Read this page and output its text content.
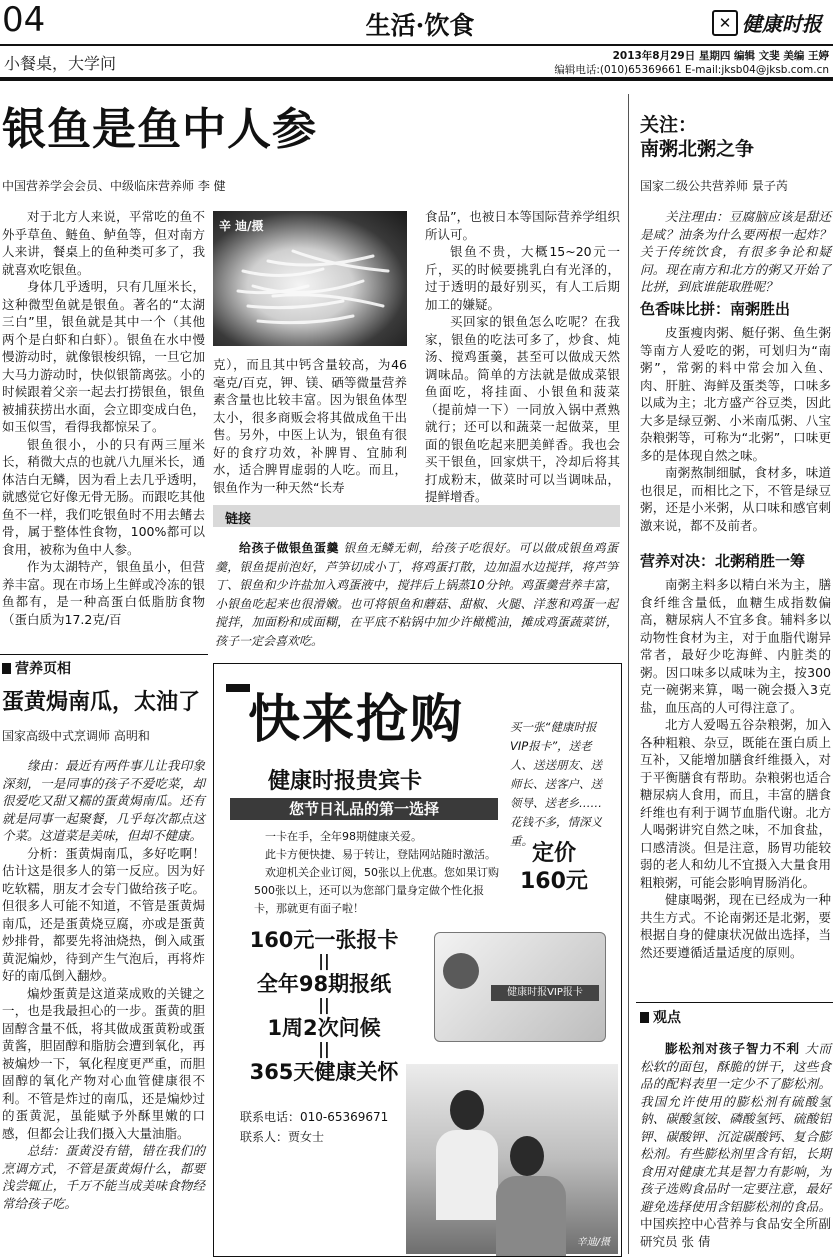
04	生活·饮食	✕ 健康时报
小餐桌，大学问	2013年8月29日 星期四 编辑 文斐 美编 王婷
编辑电话:(010)65369661 E-mail:jksb04@jksb.com.cn
银鱼是鱼中人参
中国营养学会会员、中级临床营养师 李 健

对于北方人来说，平常吃的鱼不外乎草鱼、鲢鱼、鲈鱼等，但对南方人来讲，餐桌上的鱼种类可多了，我就喜欢吃银鱼。

身体几乎透明，只有几厘米长，这种微型鱼就是银鱼。著名的“太湖三白”里，银鱼就是其中一个（其他两个是白虾和白虾）。银鱼在水中慢慢游动时，就像银梭织锦，一旦它加大马力游动时，快似银箭离弦。小的时候跟着父亲一起去打捞银鱼，银鱼被捕获捞出水面，会立即变成白色，如玉似雪，看得我都惊呆了。

银鱼很小，小的只有两三厘米长，稍微大点的也就八九厘米长，通体洁白无鳞，因为看上去几乎透明，就感觉它好像无骨无肠。而跟吃其他鱼不一样，我们吃银鱼时不用去鳍去骨，属于整体性食物，100%都可以食用，被称为鱼中人参。

作为太湖特产，银鱼虽小，但营养丰富。现在市场上生鲜或冷冻的银鱼都有，是一种高蛋白低脂肪食物（蛋白质为17.2克/百

辛 迪/摄

克），而且其中钙含量较高，为46毫克/百克，钾、镁、硒等微量营养素含量也比较丰富。因为银鱼体型太小，很多商贩会将其做成鱼干出售。另外，中医上认为，银鱼有很好的食疗功效，补脾胃、宜肺利水，适合脾胃虚弱的人吃。而且，银鱼作为一种天然“长寿

食品”，也被日本等国际营养学组织所认可。

银鱼不贵，大概15~20元一斤，买的时候要挑乳白有光泽的，过于透明的最好别买，有人工后期加工的嫌疑。

买回家的银鱼怎么吃呢？在我家，银鱼的吃法可多了，炒食、炖汤、搅鸡蛋羹，甚至可以做成天然调味品。简单的方法就是做成菜银鱼面吃，将挂面、小银鱼和菠菜（提前焯一下）一同放入锅中煮熟就行；还可以和蔬菜一起做菜，里面的银鱼吃起来肥美鲜香。我也会买干银鱼，回家烘干，冷却后将其打成粉末，做菜时可以当调味品，提鲜增香。

链接

给孩子做银鱼蛋羹 银鱼无鳞无刺，给孩子吃很好。可以做成银鱼鸡蛋羹，银鱼提前泡好，芦笋切成小丁，将鸡蛋打散，边加温水边搅拌，将芦笋丁、银鱼和少许盐加入鸡蛋液中，搅拌后上锅蒸10分钟。鸡蛋羹营养丰富，小银鱼吃起来也很滑嫩。也可将银鱼和蘑菇、甜椒、火腿、洋葱和鸡蛋一起搅拌，加面粉和成面糊，在平底不粘锅中加少许橄榄油，摊成鸡蛋蔬菜饼，孩子一定会喜欢吃。

营养页相
蛋黄焗南瓜，太油了
国家高级中式烹调师 高明和

缘由：最近有两件事儿让我印象深刻，一是同事的孩子不爱吃菜，却很爱吃又甜又糯的蛋黄焗南瓜。还有就是同事一起聚餐，几乎每次都点这个菜。这道菜是美味，但却不健康。

分析：蛋黄焗南瓜，多好吃啊！估计这是很多人的第一反应。因为好吃软糯，朋友才会专门做给孩子吃。但很多人可能不知道，不管是蛋黄焗南瓜，还是蛋黄烧豆腐，亦或是蛋黄炒排骨，都要先将油烧热，倒入咸蛋黄泥煸炒，待到产生气泡后，再将炸好的南瓜倒入翻炒。

煸炒蛋黄是这道菜成败的关键之一，也是我最担心的一步。蛋黄的胆固醇含量不低，将其做成蛋黄粉或蛋黄酱，胆固醇和脂肪会遭到氧化，再被煸炒一下，氧化程度更严重，而胆固醇的氧化产物对心血管健康很不利。不管是炸过的南瓜，还是煸炒过的蛋黄泥，虽能赋予外酥里嫩的口感，但都会让我们摄入大量油脂。

总结：蛋黄没有错，错在我们的烹调方式，不管是蛋黄焗什么，都要浅尝辄止，千万不能当成美味食物经常给孩子吃。

快来抢购
健康时报贵宾卡
您节日礼品的第一选择
买一张“健康时报VIP报卡”，送老人、送送朋友、送师长、送客户、送领导、送老乡……花钱不多，情深义重。 定价
160元

一卡在手，全年98期健康关爱。

此卡方便快捷、易于转让，登陆网站随时激活。

欢迎机关企业订阅，50张以上优惠。您如果订购500张以上，还可以为您部门量身定做个性化报卡，那就更有面子啦！

160元一张报卡
||
全年98期报纸
||
1周2次问候
||
365天健康关怀
联系电话：010-65369671
联系人：贾女士
健康时报VIP报卡
辛迪/摄
关注：
南粥北粥之争
国家二级公共营养师 景子芮

关注理由：豆腐脑应该是甜还是咸？油条为什么要两根一起炸？关于传统饮食，有很多争论和疑问。现在南方和北方的粥又开始了比拼，到底谁能取胜呢？

色香味比拼：南粥胜出

皮蛋瘦肉粥、艇仔粥、鱼生粥等南方人爱吃的粥，可划归为“南粥”，常粥的料中常会加入鱼、肉、肝脏、海鲜及蛋类等，口味多以咸为主；北方盛产谷豆类，因此大多是绿豆粥、小米南瓜粥、八宝杂粮粥等，可称为“北粥”，口味更多的是体现自然之味。

南粥熬制细腻，食材多，味道也很足，而相比之下，不管是绿豆粥，还是小米粥，从口味和感官刺激来说，都不及前者。

营养对决：北粥稍胜一筹

南粥主料多以精白米为主，膳食纤维含量低，血糖生成指数偏高，糖尿病人不宜多食。辅料多以动物性食材为主，对于血脂代谢异常者，最好少吃海鲜、内脏类的粥。因口味多以咸味为主，按300克一碗粥来算，喝一碗会摄入3克盐，血压高的人可得注意了。

北方人爱喝五谷杂粮粥，加入各种粗粮、杂豆，既能在蛋白质上互补，又能增加膳食纤维摄入，对于平衡膳食有帮助。杂粮粥也适合糖尿病人食用，而且，丰富的膳食纤维也有利于调节血脂代谢。北方人喝粥讲究自然之味，不加食盐，口感清淡。但是注意，肠胃功能较弱的老人和幼儿不宜摄入大量食用粗粮粥，可能会影响胃肠消化。

健康喝粥，现在已经成为一种共生方式。不论南粥还是北粥，要根据自身的健康状况做出选择，当然还要遵循适量适度的原则。

观点

膨松剂对孩子智力不利 大而松软的面包，酥脆的饼干，这些食品的配料表里一定少不了膨松剂。我国允许使用的膨松剂有硫酸氢钠、碳酸氢铵、磷酸氢钙、硫酸铝钾、碳酸钾、沉淀碳酸钙、复合膨松剂。有些膨松剂里含有铝，长期食用对健康尤其是智力有影响，为孩子选购食品时一定要注意，最好避免选择使用含铝膨松剂的食品。 中国疾控中心营养与食品安全所副研究员 张 倩
